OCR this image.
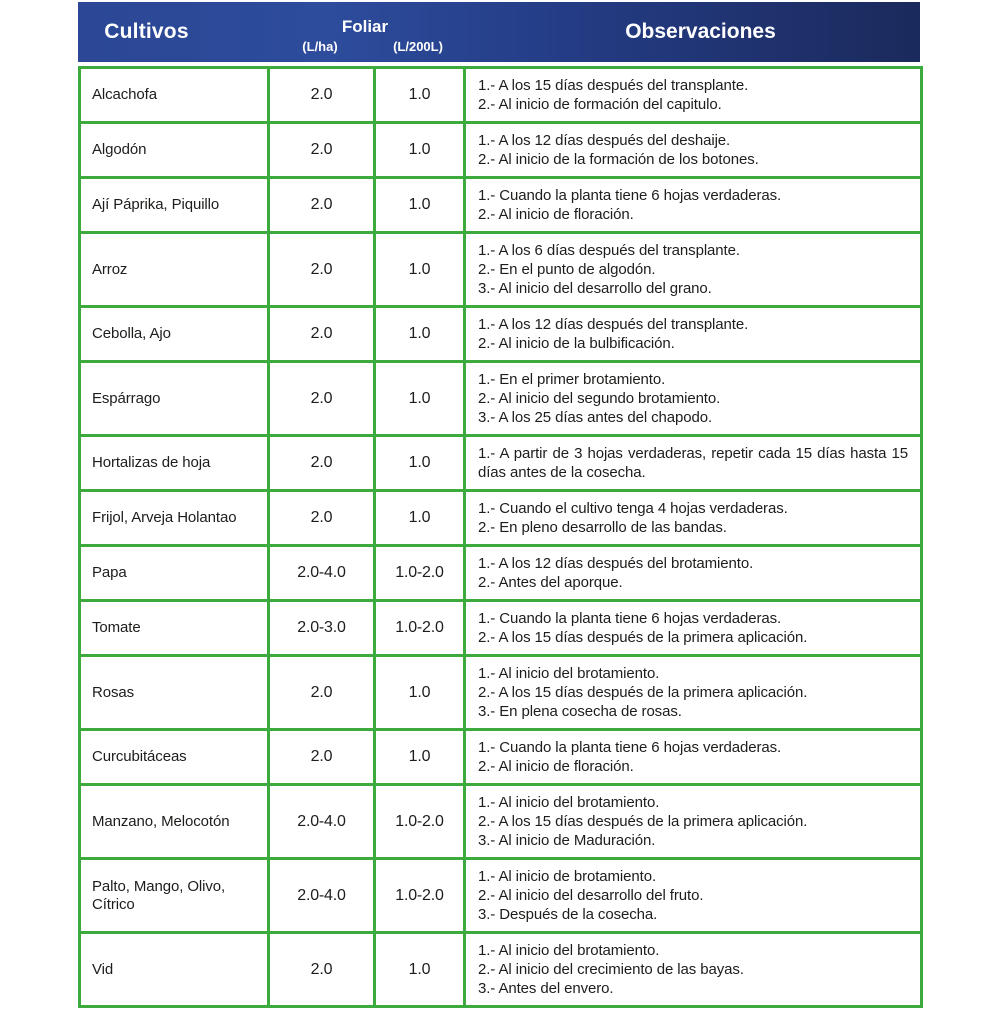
Cultivos	Foliar
(L/ha)	(L/200L)
Observaciones
Alcachofa	2.0	1.0	1.- A los 15 días después del transplante.
2.- Al inicio de formación del capitulo.

Algodón	2.0	1.0	1.- A los 12 días después del deshaije.
2.- Al inicio de la formación de los botones.

Ají Páprika, Piquillo	2.0	1.0	1.- Cuando la planta tiene 6 hojas verdaderas.
2.- Al inicio de floración.

Arroz	2.0	1.0	1.- A los 6 días después del transplante.
2.- En el punto de algodón.
3.- Al inicio del desarrollo del grano.

Cebolla, Ajo	2.0	1.0	1.- A los 12 días después del transplante.
2.- Al inicio de la bulbificación.

Espárrago	2.0	1.0	1.- En el primer brotamiento.
2.- Al inicio del segundo brotamiento.
3.- A los 25 días antes del chapodo.

Hortalizas de hoja	2.0	1.0	1.- A partir de 3 hojas verdaderas, repetir cada 15 días hasta 15 días antes de la cosecha.

Frijol, Arveja Holantao	2.0	1.0	1.- Cuando el cultivo tenga 4 hojas verdaderas.
2.- En pleno desarrollo de las bandas.

Papa	2.0-4.0	1.0-2.0	1.- A los 12 días después del brotamiento.
2.- Antes del aporque.

Tomate	2.0-3.0	1.0-2.0	1.- Cuando la planta tiene 6 hojas verdaderas.
2.- A los 15 días después de la primera aplicación.

Rosas	2.0	1.0	1.- Al inicio del brotamiento.
2.- A los 15 días después de la primera aplicación.
3.- En plena cosecha de rosas.

Curcubitáceas	2.0	1.0	1.- Cuando la planta tiene 6 hojas verdaderas.
2.- Al inicio de floración.

Manzano, Melocotón	2.0-4.0	1.0-2.0	1.- Al inicio del brotamiento.
2.- A los 15 días después de la primera aplicación.
3.- Al inicio de Maduración.

Palto, Mango, Olivo, Cítrico	2.0-4.0	1.0-2.0	1.- Al inicio de brotamiento.
2.- Al inicio del desarrollo del fruto.
3.- Después de la cosecha.

Vid	2.0	1.0	1.- Al inicio del brotamiento.
2.- Al inicio del crecimiento de las bayas.
3.- Antes del envero.
